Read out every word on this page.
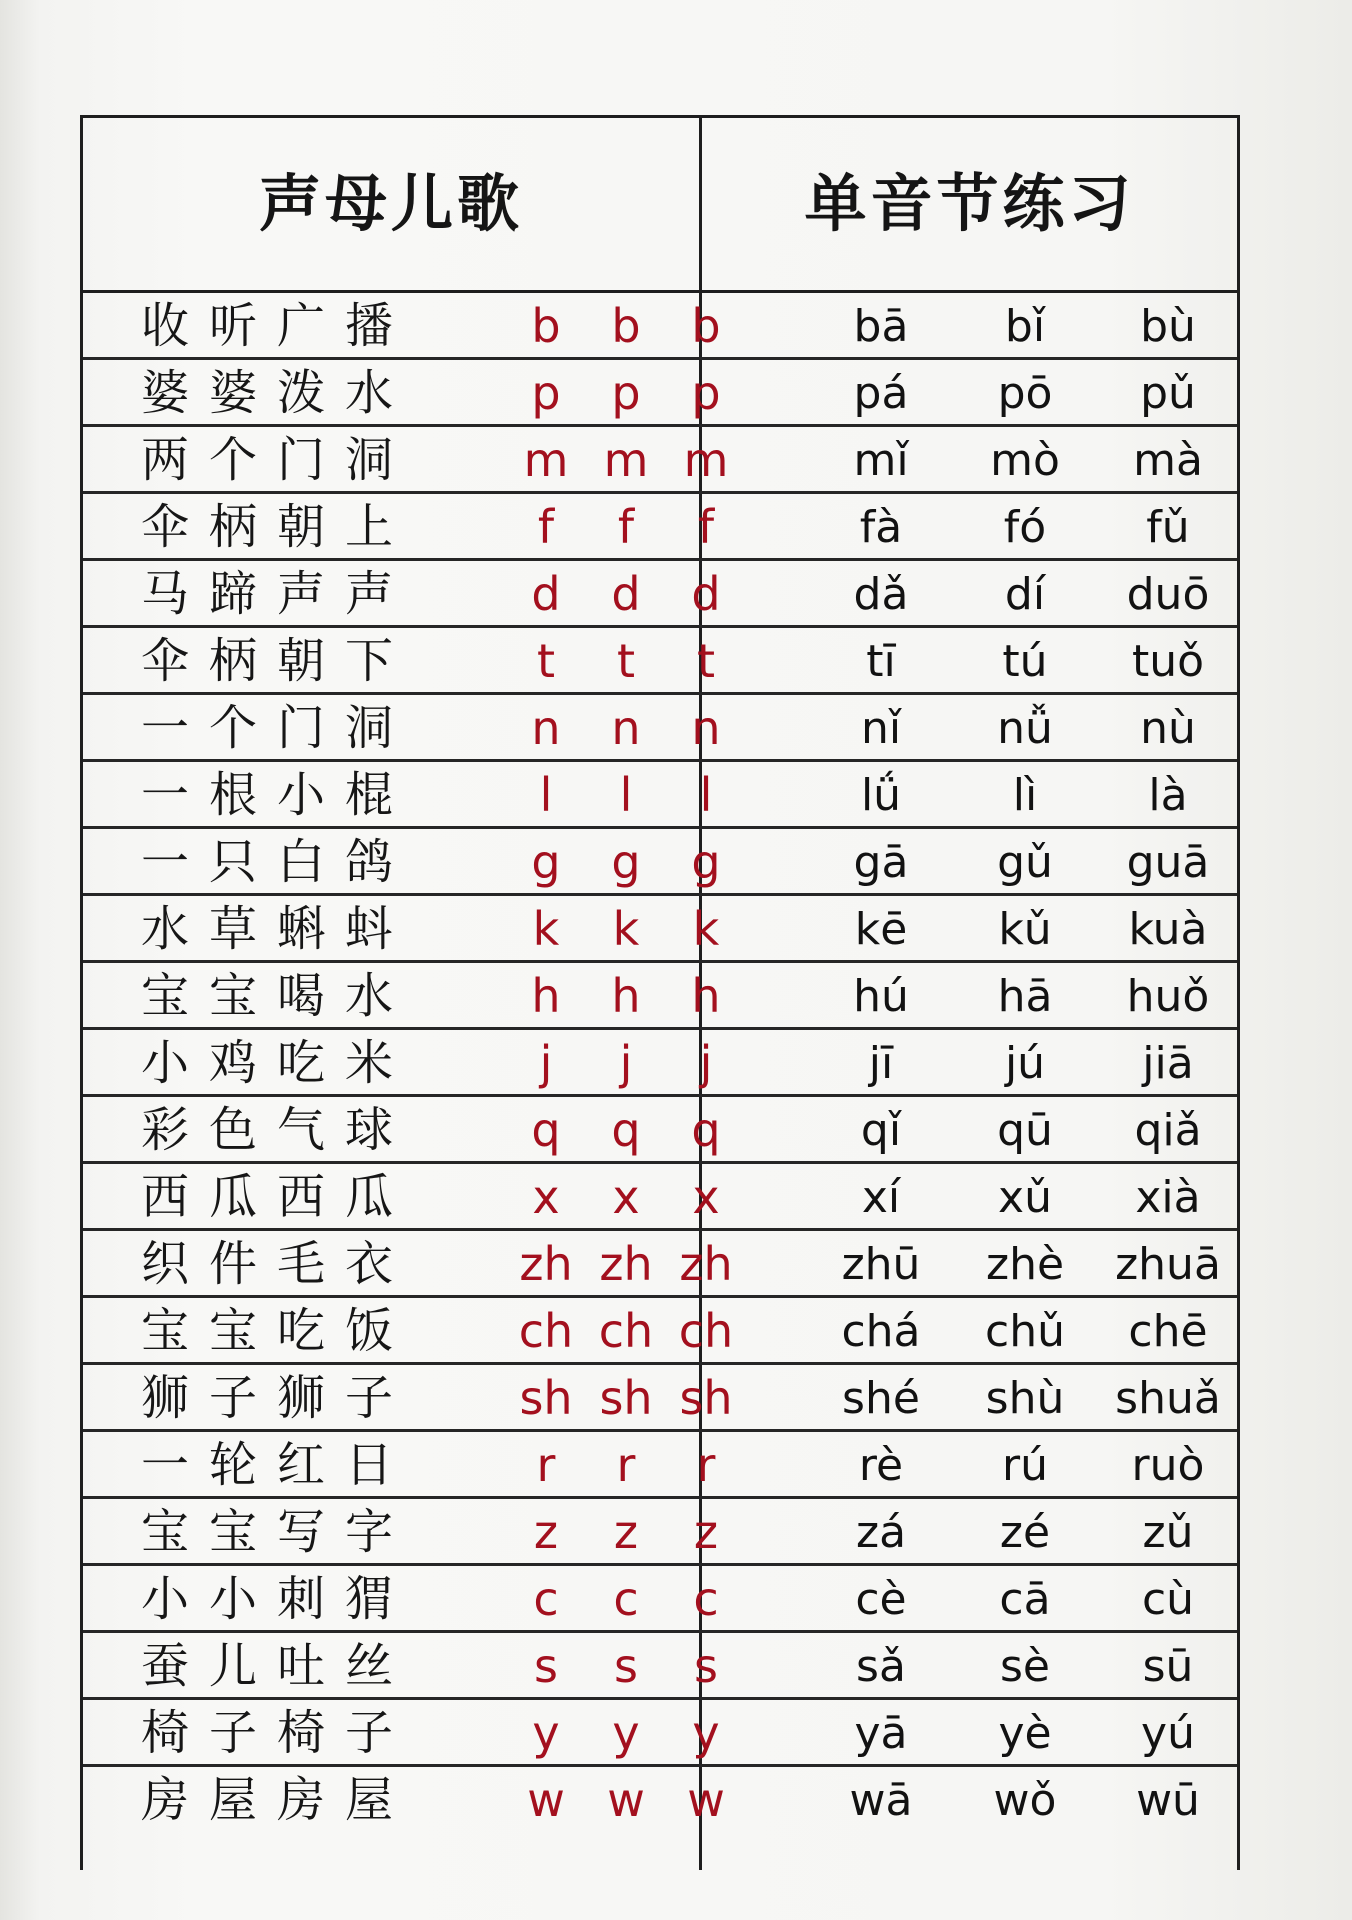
声母儿歌	单音节练习
收听广播	b	b	b	bā	bǐ	bù
婆婆泼水	p	p	p	pá	pō	pǔ
两个门洞	m m m	mǐ	mò	mà
伞柄朝上	f	f	f	fà	fó	fǔ
马蹄声声	d	d	d	dǎ	dí	duō
伞柄朝下	t	t	t	tī	tú	tuǒ
一个门洞	n	n	n	nǐ	nǚ	nù
一根小棍	l	l	l	lǘ	lì	là
一只白鸽	g	g	g	gā	gǔ	guā
水草蝌蚪	k	k	k	kē	kǔ	kuà
宝宝喝水	h	h	h	hú	hā	huǒ
小鸡吃米	j	j	j	jī	jú	jiā
彩色气球	q	q	q	qǐ	qū	qiǎ
西瓜西瓜	x	x	x	xí	xǔ	xià
织件毛衣	zh zh zh	zhū	zhè	zhuā
宝宝吃饭	ch ch ch	chá	chǔ	chē
狮子狮子	sh sh sh	shé	shù	shuǎ
一轮红日	r	r	r	rè	rú	ruò
宝宝写字	z	z	z	zá	zé	zǔ
小小刺猬	c	c	c	cè	cā	cù
蚕儿吐丝	s	s	s	sǎ	sè	sū
椅子椅子	y	y	y	yā	yè	yú
房屋房屋	w w w	wā	wǒ	wū
